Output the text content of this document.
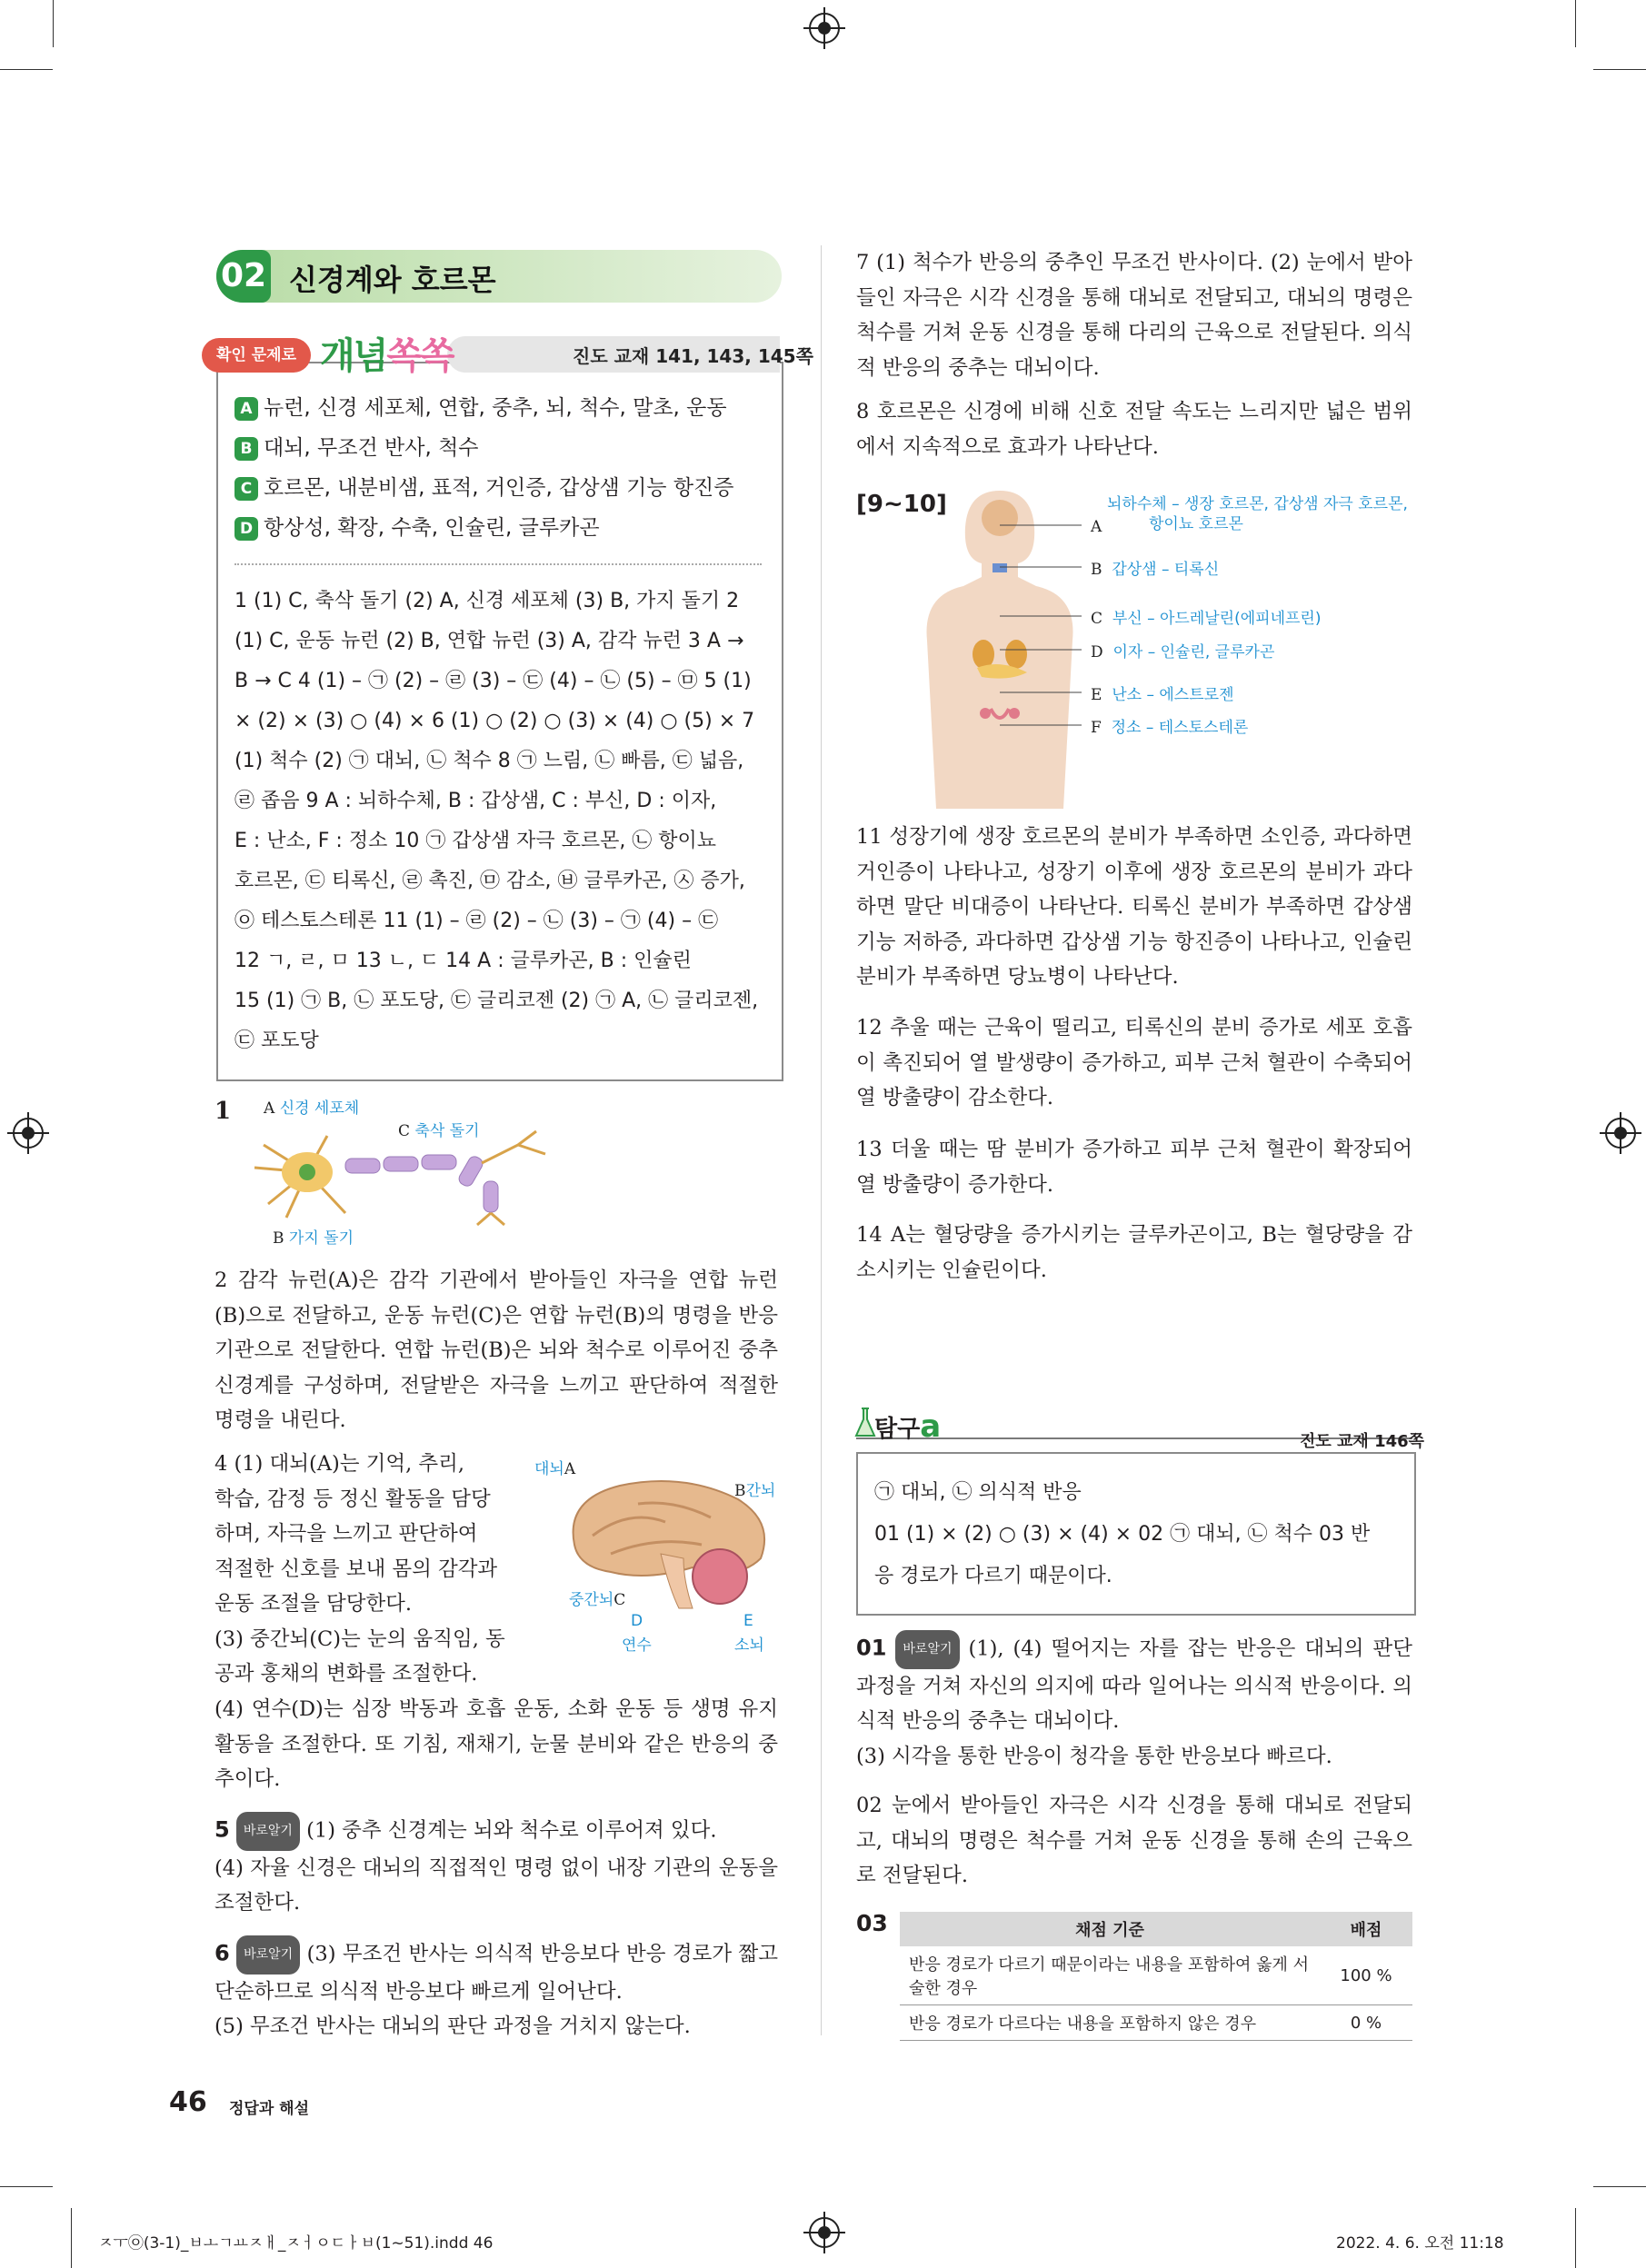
02 신경계와 호르몬
확인 문제로 개념쏙쏙	진도 교재 141, 143, 145쪽
A 뉴런, 신경 세포체, 연합, 중추, 뇌, 척수, 말초, 운동
B 대뇌, 무조건 반사, 척수
C 호르몬, 내분비샘, 표적, 거인증, 갑상샘 기능 항진증
D 항상성, 확장, 수축, 인슐린, 글루카곤
1 (1) C, 축삭 돌기 (2) A, 신경 세포체 (3) B, 가지 돌기 2
(1) C, 운동 뉴런 (2) B, 연합 뉴런 (3) A, 감각 뉴런 3 A →
B → C 4 (1) – ㉠ (2) – ㉣ (3) – ㉢ (4) – ㉡ (5) – ㉤ 5 (1)
× (2) × (3) ○ (4) × 6 (1) ○ (2) ○ (3) × (4) ○ (5) × 7
(1) 척수 (2) ㉠ 대뇌, ㉡ 척수 8 ㉠ 느림, ㉡ 빠름, ㉢ 넓음,
㉣ 좁음 9 A : 뇌하수체, B : 갑상샘, C : 부신, D : 이자,
E : 난소, F : 정소 10 ㉠ 갑상샘 자극 호르몬, ㉡ 항이뇨
호르몬, ㉢ 티록신, ㉣ 촉진, ㉤ 감소, ㉥ 글루카곤, ㉦ 증가,
㉧ 테스토스테론 11 (1) – ㉣ (2) – ㉡ (3) – ㉠ (4) – ㉢
12 ㄱ, ㄹ, ㅁ 13 ㄴ, ㄷ 14 A : 글루카곤, B : 인슐린
15 (1) ㉠ B, ㉡ 포도당, ㉢ 글리코젠 (2) ㉠ A, ㉡ 글리코젠,
㉢ 포도당
1 A 신경 세포체
C 축삭 돌기
B 가지 돌기
2 감각 뉴런(A)은 감각 기관에서 받아들인 자극을 연합 뉴런 (B)으로 전달하고, 운동 뉴런(C)은 연합 뉴런(B)의 명령을 반응 기관으로 전달한다. 연합 뉴런(B)은 뇌와 척수로 이루어진 중추 신경계를 구성하며, 전달받은 자극을 느끼고 판단하여 적절한 명령을 내린다.
4 (1) 대뇌(A)는 기억, 추리,
학습, 감정 등 정신 활동을 담당
하며, 자극을 느끼고 판단하여
적절한 신호를 보내 몸의 감각과
운동 조절을 담당한다.
(3) 중간뇌(C)는 눈의 움직임, 동
공과 홍채의 변화를 조절한다.
대뇌A
B간뇌
중간뇌C
D
연수
E
소뇌
(4) 연수(D)는 심장 박동과 호흡 운동, 소화 운동 등 생명 유지 활동을 조절한다. 또 기침, 재채기, 눈물 분비와 같은 반응의 중추이다.
5 바로알기 (1) 중추 신경계는 뇌와 척수로 이루어져 있다.
(4) 자율 신경은 대뇌의 직접적인 명령 없이 내장 기관의 운동을 조절한다.
6 바로알기 (3) 무조건 반사는 의식적 반응보다 반응 경로가 짧고 단순하므로 의식적 반응보다 빠르게 일어난다.
(5) 무조건 반사는 대뇌의 판단 과정을 거치지 않는다.
7 (1) 척수가 반응의 중추인 무조건 반사이다. (2) 눈에서 받아들인 자극은 시각 신경을 통해 대뇌로 전달되고, 대뇌의 명령은 척수를 거쳐 운동 신경을 통해 다리의 근육으로 전달된다. 의식적 반응의 중추는 대뇌이다.
8 호르몬은 신경에 비해 신호 전달 속도는 느리지만 넓은 범위에서 지속적으로 효과가 나타난다.
[9~10]	뇌하수체 – 생장 호르몬, 갑상샘 자극 호르몬,
항이뇨 호르몬
A
B 갑상샘 – 티록신
C 부신 – 아드레날린(에피네프린)
D 이자 – 인슐린, 글루카곤
E 난소 – 에스트로젠
F 정소 – 테스토스테론
11 성장기에 생장 호르몬의 분비가 부족하면 소인증, 과다하면 거인증이 나타나고, 성장기 이후에 생장 호르몬의 분비가 과다하면 말단 비대증이 나타난다. 티록신 분비가 부족하면 갑상샘 기능 저하증, 과다하면 갑상샘 기능 항진증이 나타나고, 인슐린 분비가 부족하면 당뇨병이 나타난다.
12 추울 때는 근육이 떨리고, 티록신의 분비 증가로 세포 호흡이 촉진되어 열 발생량이 증가하고, 피부 근처 혈관이 수축되어 열 방출량이 감소한다.
13 더울 때는 땀 분비가 증가하고 피부 근처 혈관이 확장되어 열 방출량이 증가한다.
14 A는 혈당량을 증가시키는 글루카곤이고, B는 혈당량을 감소시키는 인슐린이다.
탐구a	진도 교재 146쪽
㉠ 대뇌, ㉡ 의식적 반응
01 (1) × (2) ○ (3) × (4) × 02 ㉠ 대뇌, ㉡ 척수 03 반
응 경로가 다르기 때문이다.
01 바로알기 (1), (4) 떨어지는 자를 잡는 반응은 대뇌의 판단 과정을 거쳐 자신의 의지에 따라 일어나는 의식적 반응이다. 의식적 반응의 중추는 대뇌이다.
(3) 시각을 통한 반응이 청각을 통한 반응보다 빠르다.
02 눈에서 받아들인 자극은 시각 신경을 통해 대뇌로 전달되고, 대뇌의 명령은 척수를 거쳐 운동 신경을 통해 손의 근육으로 전달된다.
03	채점 기준	배점
반응 경로가 다르기 때문이라는 내용을 포함하여 옳게 서술한 경우	100 %
반응 경로가 다르다는 내용을 포함하지 않은 경우	0 %
46 정답과 해설
ㅈㅜ㉧(3-1)_ㅂㅗㄱㅛㅈㅐ_ㅈㅓㅇㄷㅏㅂ(1~51).indd 46	2022. 4. 6. 오전 11:18
